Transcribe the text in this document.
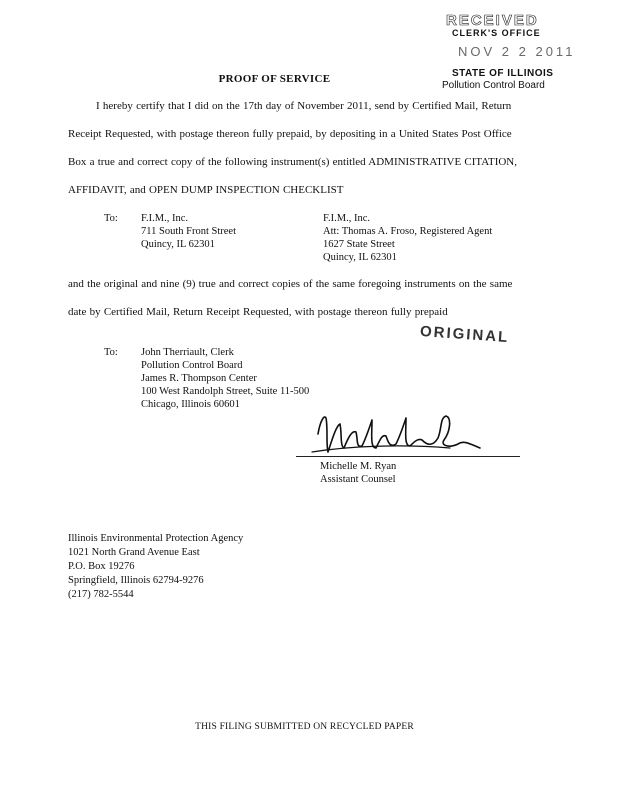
RECEIVED
CLERK'S OFFICE
NOV 2 2 2011
STATE OF ILLINOIS
Pollution Control Board
PROOF OF SERVICE
I hereby certify that I did on the 17th day of November 2011, send by Certified Mail, Return
Receipt Requested, with postage thereon fully prepaid, by depositing in a United States Post Office
Box a true and correct copy of the following instrument(s) entitled ADMINISTRATIVE CITATION,
AFFIDAVIT, and OPEN DUMP INSPECTION CHECKLIST
To: F.I.M., Inc.
711 South Front Street
Quincy, IL 62301
F.I.M., Inc.
Att: Thomas A. Froso, Registered Agent
1627 State Street
Quincy, IL 62301
and the original and nine (9) true and correct copies of the same foregoing instruments on the same
date by Certified Mail, Return Receipt Requested, with postage thereon fully prepaid
ORIGINAL
To: John Therriault, Clerk
Pollution Control Board
James R. Thompson Center
100 West Randolph Street, Suite 11-500
Chicago, Illinois 60601
Michelle M. Ryan
Assistant Counsel
Illinois Environmental Protection Agency
1021 North Grand Avenue East
P.O. Box 19276
Springfield, Illinois 62794-9276
(217) 782-5544
THIS FILING SUBMITTED ON RECYCLED PAPER
